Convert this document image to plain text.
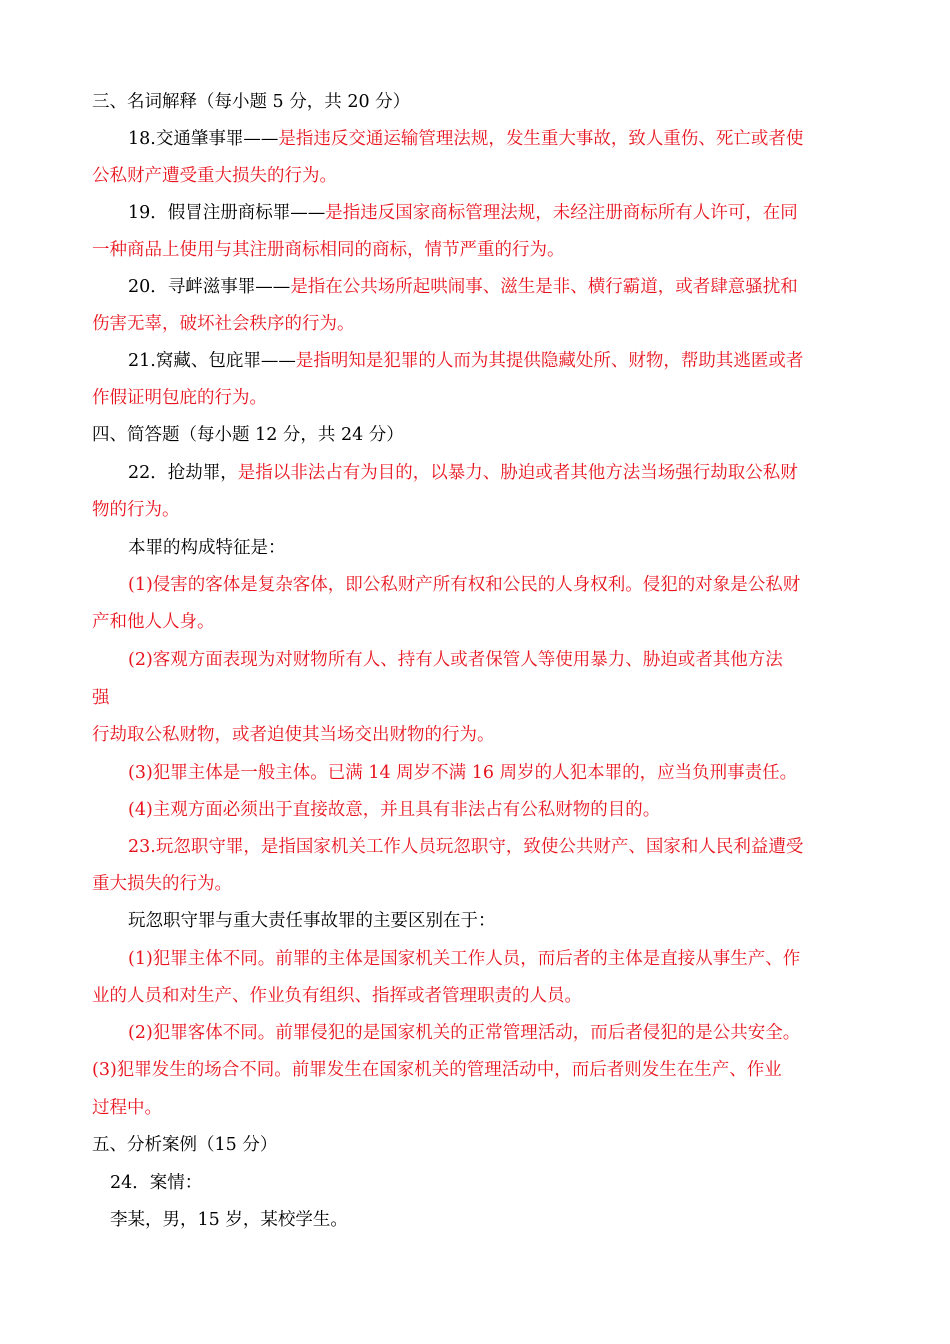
三、名词解释（每小题 5 分，共 20 分）
18.交通肇事罪——是指违反交通运输管理法规，发生重大事故，致人重伤、死亡或者使
公私财产遭受重大损失的行为。
19．假冒注册商标罪——是指违反国家商标管理法规，未经注册商标所有人许可，在同
一种商品上使用与其注册商标相同的商标，情节严重的行为。
20．寻衅滋事罪——是指在公共场所起哄闹事、滋生是非、横行霸道，或者肆意骚扰和
伤害无辜，破坏社会秩序的行为。
21.窝藏、包庇罪——是指明知是犯罪的人而为其提供隐藏处所、财物，帮助其逃匿或者
作假证明包庇的行为。
四、简答题（每小题 12 分，共 24 分）
22．抢劫罪，是指以非法占有为目的，以暴力、胁迫或者其他方法当场强行劫取公私财
物的行为。
本罪的构成特征是：
(1)侵害的客体是复杂客体，即公私财产所有权和公民的人身权利。侵犯的对象是公私财
产和他人人身。
(2)客观方面表现为对财物所有人、持有人或者保管人等使用暴力、胁迫或者其他方法
强
行劫取公私财物，或者迫使其当场交出财物的行为。
(3)犯罪主体是一般主体。已满 14 周岁不满 16 周岁的人犯本罪的，应当负刑事责任。
(4)主观方面必须出于直接故意，并且具有非法占有公私财物的目的。
23.玩忽职守罪，是指国家机关工作人员玩忽职守，致使公共财产、国家和人民利益遭受
重大损失的行为。
玩忽职守罪与重大责任事故罪的主要区别在于：
(1)犯罪主体不同。前罪的主体是国家机关工作人员，而后者的主体是直接从事生产、作
业的人员和对生产、作业负有组织、指挥或者管理职责的人员。
(2)犯罪客体不同。前罪侵犯的是国家机关的正常管理活动，而后者侵犯的是公共安全。
(3)犯罪发生的场合不同。前罪发生在国家机关的管理活动中，而后者则发生在生产、作业
过程中。
五、分析案例（15 分）
24．案情：
李某，男，15 岁，某校学生。
